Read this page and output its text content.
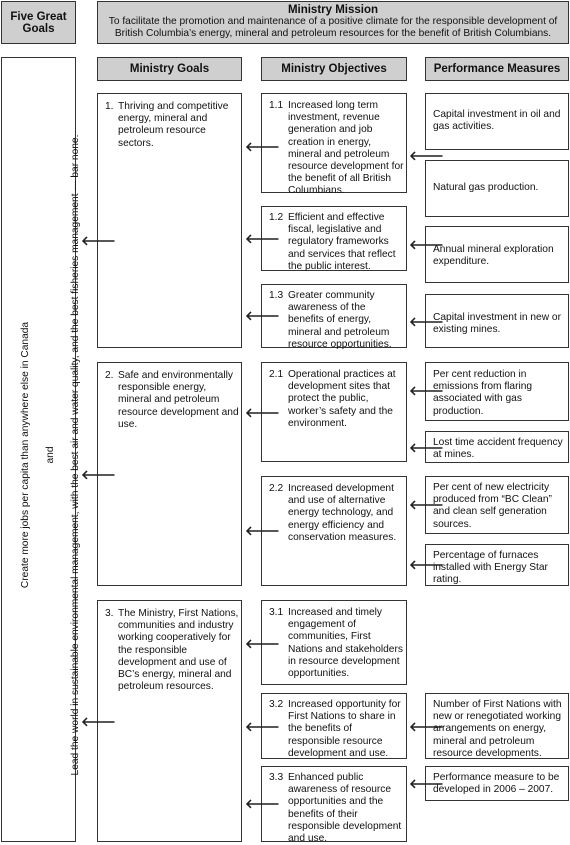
Five Great Goals
Ministry Mission
To facilitate the promotion and maintenance of a positive climate for the responsible development of British Columbia’s energy, mineral and petroleum resources for the benefit of British Columbians.

Create more jobs per capita than anywhere else in Canada and Lead the world in sustainable environmental management, with the best air and water quality, and the best fisheries management — bar none.

Ministry Goals	Ministry Objectives	Performance Measures
1. Thriving and competitive energy, mineral and petroleum resource sectors.
2. Safe and environmentally responsible energy, mineral and petroleum resource development and use.
3. The Ministry, First Nations, communities and industry working cooperatively for the responsible development and use of BC’s energy, mineral and petroleum resources.
1.1 Increased long term investment, revenue generation and job creation in energy, mineral and petroleum resource development for the benefit of all British Columbians.
1.2 Efficient and effective fiscal, legislative and regulatory frameworks and services that reflect the public interest.
1.3 Greater community awareness of the benefits of energy, mineral and petroleum resource opportunities.
2.1 Operational practices at development sites that protect the public, worker’s safety and the environment.
2.2 Increased development and use of alternative energy technology, and energy efficiency and conservation measures.
3.1 Increased and timely engagement of communities, First Nations and stakeholders in resource development opportunities.
3.2 Increased opportunity for First Nations to share in the benefits of responsible resource development and use.
3.3 Enhanced public awareness of resource opportunities and the benefits of their responsible development and use.
Capital investment in oil and gas activities.
Natural gas production.
Annual mineral exploration expenditure.
Capital investment in new or existing mines.
Per cent reduction in emissions from flaring associated with gas production.
Lost time accident frequency at mines.
Per cent of new electricity produced from “BC Clean” and clean self generation sources.
Percentage of furnaces installed with Energy Star rating.
Number of First Nations with new or renegotiated working arrangements on energy, mineral and petroleum resource developments.
Performance measure to be developed in 2006 – 2007.
🡐
🡐
🡐
🡐
🡐
🡐
🡐
🡐
🡐
🡐
🡐
🡐
🡐
🡐
🡐
🡐
🡐
🡐
🡐
🡐
